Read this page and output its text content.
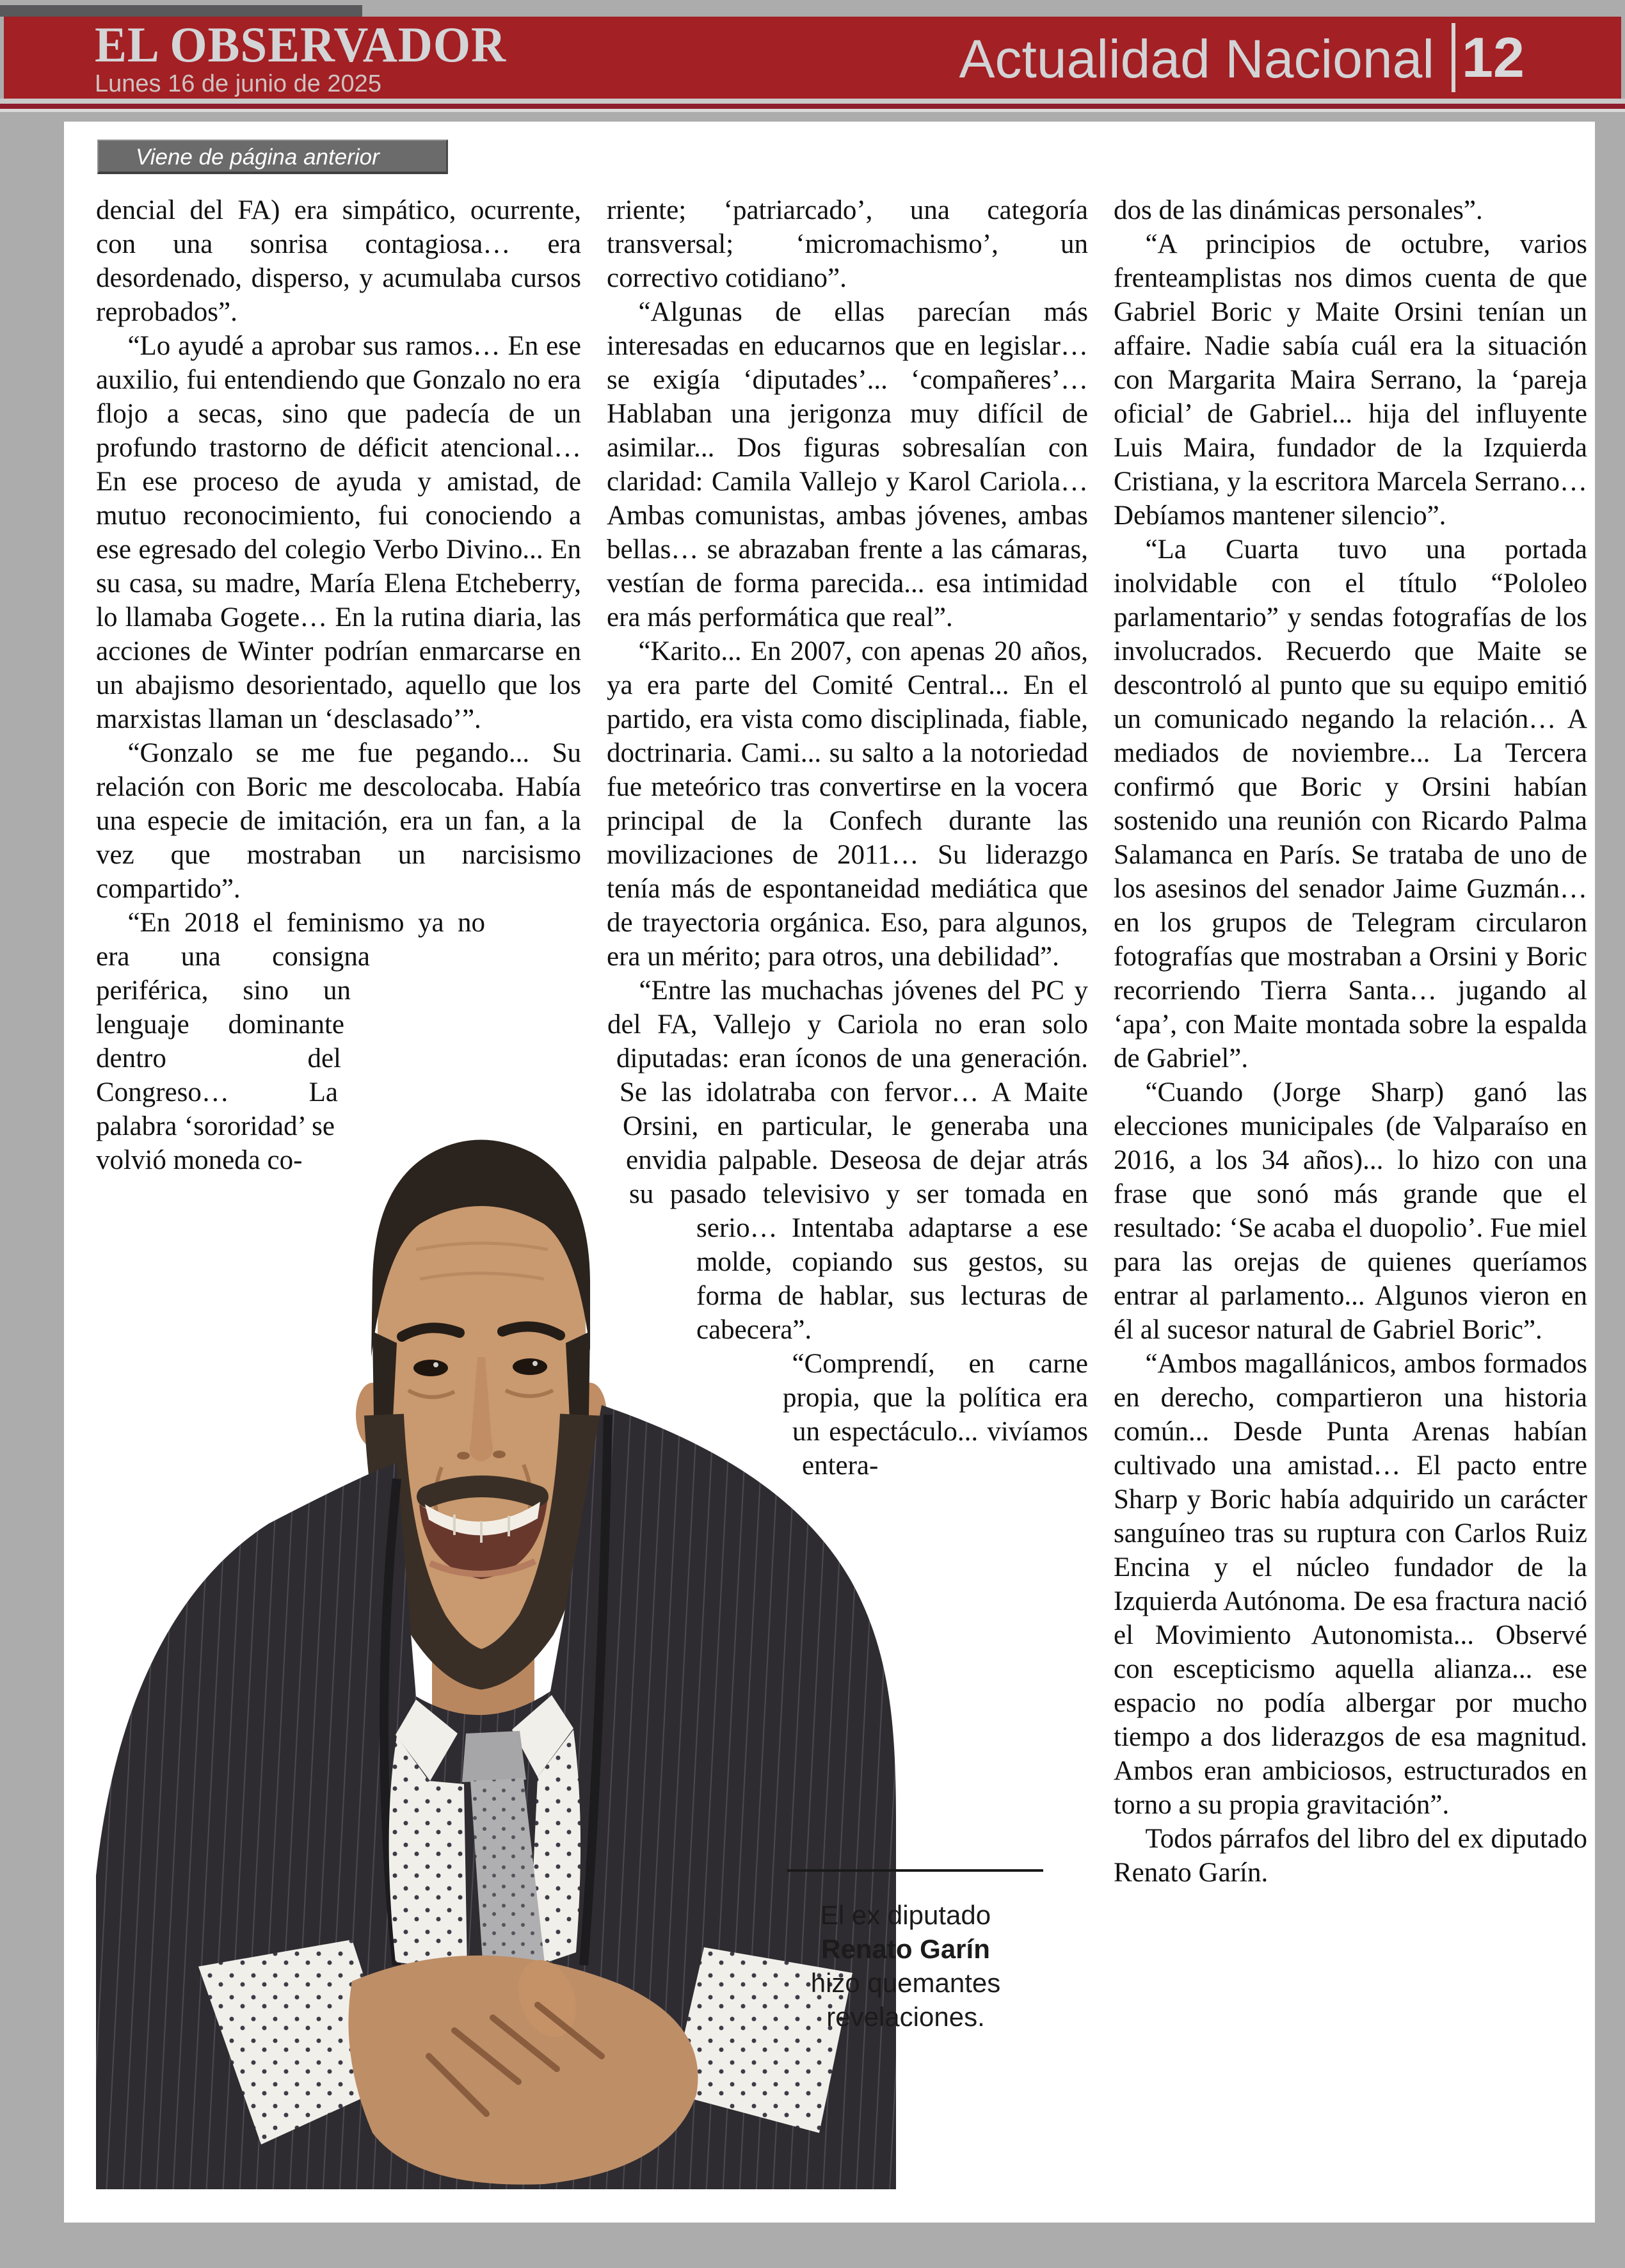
EL OBSERVADOR
Lunes 16 de junio de 2025	Actualidad Nacional 12
Viene de página anterior

dencial del FA) era simpático, ocurrente, con una sonrisa contagiosa… era desordenado, disperso, y acumulaba cursos reprobados”.

“Lo ayudé a aprobar sus ramos… En ese auxilio, fui entendiendo que Gonzalo no era flojo a secas, sino que padecía de un profundo trastorno de déficit atencional… En ese proceso de ayuda y amistad, de mutuo reconocimiento, fui conociendo a ese egresado del colegio Verbo Divino... En su casa, su madre, María Elena Etcheberry, lo llamaba Gogete… En la rutina diaria, las acciones de Winter podrían enmarcarse en un abajismo desorientado, aquello que los marxistas llaman un ‘desclasado’”.

“Gonzalo se me fue pegando... Su relación con Boric me descolocaba. Había una especie de imitación, era un fan, a la vez que mostraban un narcisismo compartido”.

“En 2018 el feminismo ya no era una consigna periférica, sino un lenguaje dominante dentro del Congreso… La palabra ‘sororidad’ se volvió moneda co-

rriente; ‘patriarcado’, una categoría transversal; ‘micromachismo’, un correctivo cotidiano”.

“Algunas de ellas parecían más interesadas en educarnos que en legislar… se exigía ‘diputades’... ‘compañeres’… Hablaban una jerigonza muy difícil de asimilar... Dos figuras sobresalían con claridad: Camila Vallejo y Karol Cariola… Ambas comunistas, ambas jóvenes, ambas bellas… se abrazaban frente a las cámaras, vestían de forma parecida... esa intimidad era más performática que real”.

“Karito... En 2007, con apenas 20 años, ya era parte del Comité Central... En el partido, era vista como disciplinada, fiable, doctrinaria. Cami... su salto a la notoriedad fue meteórico tras convertirse en la vocera principal de la Confech durante las movilizaciones de 2011… Su liderazgo tenía más de espontaneidad mediática que de trayectoria orgánica. Eso, para algunos, era un mérito; para otros, una debilidad”.

“Entre las muchachas jóvenes del PC y del FA, Vallejo y Cariola no eran solo diputadas: eran íconos de una generación. Se las idolatraba con fervor… A Maite Orsini, en particular, le generaba una envidia palpable. Deseosa de dejar atrás su pasado televisivo y ser tomada en serio… Intentaba adaptarse a ese molde, copiando sus gestos, su forma de hablar, sus lecturas de cabecera”.

“Comprendí, en carne propia, que la política era un espectáculo... vivíamos entera-

dos de las dinámicas personales”.

“A principios de octubre, varios frenteamplistas nos dimos cuenta de que Gabriel Boric y Maite Orsini tenían un affaire. Nadie sabía cuál era la situación con Margarita Maira Serrano, la ‘pareja oficial’ de Gabriel... hija del influyente Luis Maira, fundador de la Izquierda Cristiana, y la escritora Marcela Serrano… Debíamos mantener silencio”.

“La Cuarta tuvo una portada inolvidable con el título “Pololeo parlamentario” y sendas fotografías de los involucrados. Recuerdo que Maite se descontroló al punto que su equipo emitió un comunicado negando la relación… A mediados de noviembre... La Tercera confirmó que Boric y Orsini habían sostenido una reunión con Ricardo Palma Salamanca en París. Se trataba de uno de los asesinos del senador Jaime Guzmán… en los grupos de Telegram circularon fotografías que mostraban a Orsini y Boric recorriendo Tierra Santa… jugando al ‘apa’, con Maite montada sobre la espalda de Gabriel”.

“Cuando (Jorge Sharp) ganó las elecciones municipales (de Valparaíso en 2016, a los 34 años)... lo hizo con una frase que sonó más grande que el resultado: ‘Se acaba el duopolio’. Fue miel para las orejas de quienes queríamos entrar al parlamento... Algunos vieron en él al sucesor natural de Gabriel Boric”.

“Ambos magallánicos, ambos formados en derecho, compartieron una historia común... Desde Punta Arenas habían cultivado una amistad… El pacto entre Sharp y Boric había adquirido un carácter sanguíneo tras su ruptura con Carlos Ruiz Encina y el núcleo fundador de la Izquierda Autónoma. De esa fractura nació el Movimiento Autonomista... Observé con escepticismo aquella alianza... ese espacio no podía albergar por mucho tiempo a dos liderazgos de esa magnitud. Ambos eran ambiciosos, estructurados en torno a su propia gravitación”.

Todos párrafos del libro del ex diputado Renato Garín.

El ex diputado Renato Garín hizo quemantes revelaciones.
